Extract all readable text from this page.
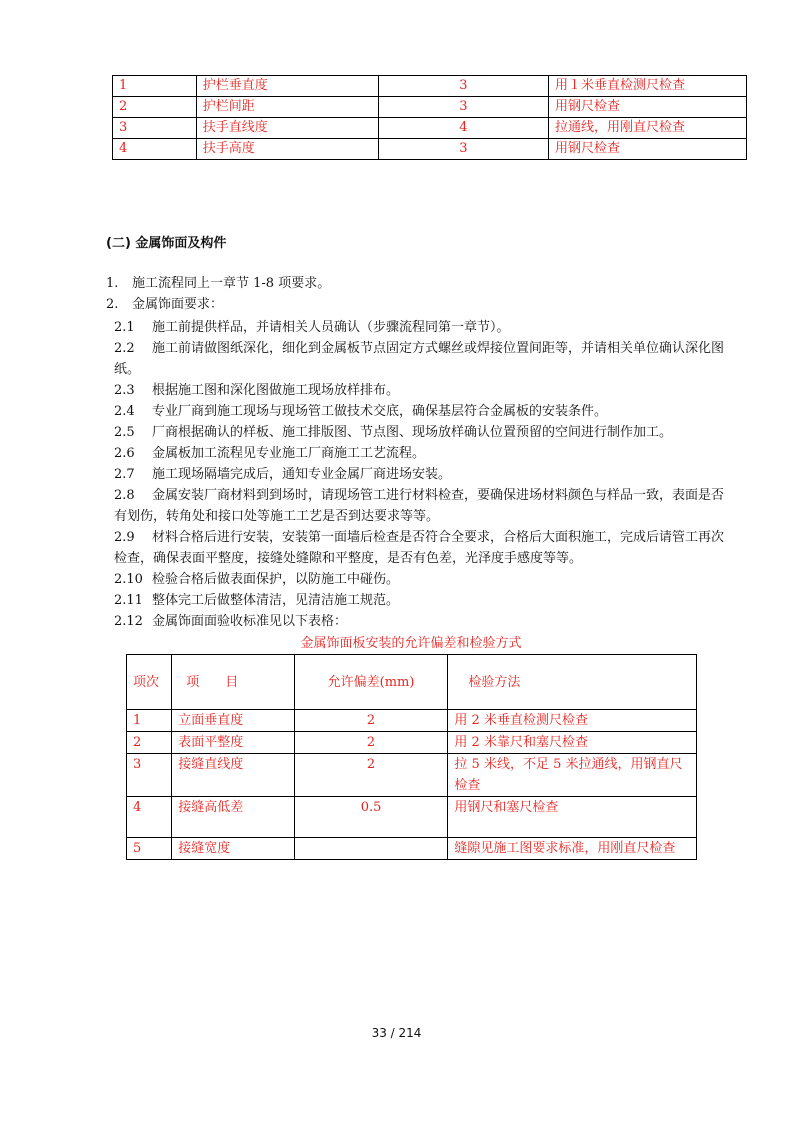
1	护栏垂直度	3	用１米垂直检测尺检查
2	护栏间距	3	用钢尺检查
3	扶手直线度	4	拉通线，用刚直尺检查
4	扶手高度	3	用钢尺检查
(二) 金属饰面及构件
1. 施工流程同上一章节 1-8 项要求。
2. 金属饰面要求：
2.1 施工前提供样品，并请相关人员确认（步骤流程同第一章节）。
2.2 施工前请做图纸深化，细化到金属板节点固定方式螺丝或焊接位置间距等，并请相关单位确认深化图纸。
2.3 根据施工图和深化图做施工现场放样排布。
2.4 专业厂商到施工现场与现场管工做技术交底，确保基层符合金属板的安装条件。
2.5 厂商根据确认的样板、施工排版图、节点图、现场放样确认位置预留的空间进行制作加工。
2.6 金属板加工流程见专业施工厂商施工工艺流程。
2.7 施工现场隔墙完成后，通知专业金属厂商进场安装。
2.8 金属安装厂商材料到到场时，请现场管工进行材料检查，要确保进场材料颜色与样品一致，表面是否有划伤，转角处和接口处等施工工艺是否到达要求等等。
2.9 材料合格后进行安装，安装第一面墙后检查是否符合全要求，合格后大面积施工，完成后请管工再次检查，确保表面平整度，接缝处缝隙和平整度，是否有色差，光泽度手感度等等。
2.10 检验合格后做表面保护，以防施工中碰伤。
2.11 整体完工后做整体清洁，见清洁施工规范。
2.12 金属饰面面验收标准见以下表格：
金属饰面板安装的允许偏差和检验方式
项次	项　　目	允许偏差(mm)	检验方法
1	立面垂直度	2	用 2 米垂直检测尺检查
2	表面平整度	2	用 2 米靠尺和塞尺检查
3	接缝直线度	2	拉 5 米线，不足 5 米拉通线，用钢直尺检查
4	接缝高低差	0.5	用钢尺和塞尺检查
5	接缝宽度		缝隙见施工图要求标准，用刚直尺检查
33 / 214
